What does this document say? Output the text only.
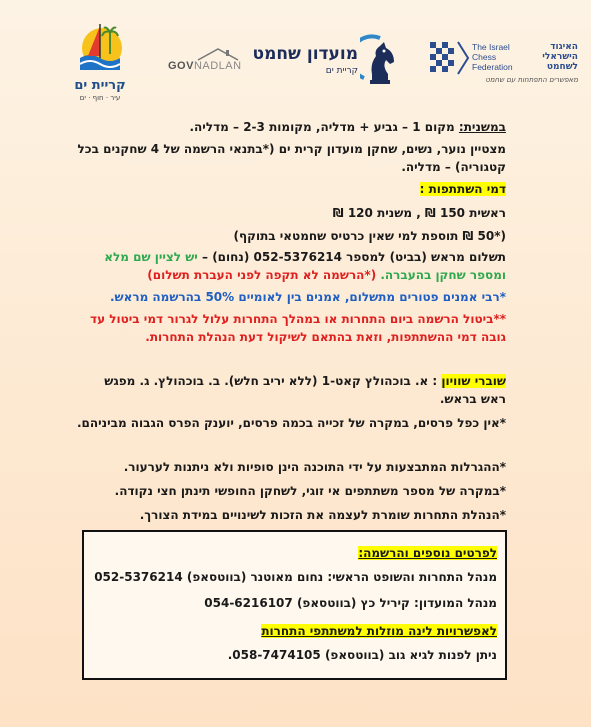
קריית ים
עיר · חוף · ים
GOVNADLAN
מועדון שחמט
קריית ים
The Israel
Chess
Federation
האיגוד
הישראלי
לשחמט
מאפשרים התפתחות עם שחמט

במשנית: מקום 1 – גביע + מדליה, מקומות 2-3 – מדליה.

מצטיין נוער, נשים, שחקן מועדון קרית ים (*בתנאי הרשמה של 4 שחקנים בכל קטגוריה) – מדליה.

דמי השתתפות :

ראשית 150 ₪ , משנית 120 ₪

(*50 ₪ תוספת למי שאין כרטיס שחמטאי בתוקף)

תשלום מראש (בביט) למספר 052-5376214 (נחום) – יש לציין שם מלא ומספר שחקן בהעברה. (*הרשמה לא תקפה לפני העברת תשלום)

*רבי אמנים פטורים מתשלום, אמנים בין לאומיים 50% בהרשמה מראש.

**ביטול הרשמה ביום התחרות או במהלך התחרות עלול לגרור דמי ביטול עד גובה דמי ההשתתפות, וזאת בהתאם לשיקול דעת הנהלת התחרות.

שוברי שוויון : א. בוכהולץ קאט-1 (ללא יריב חלש). ב. בוכהולץ. ג. מפגש ראש בראש.

*אין כפל פרסים, במקרה של זכייה בכמה פרסים, יוענק הפרס הגבוה מביניהם.

*ההגרלות המתבצעות על ידי התוכנה הינן סופיות ולא ניתנות לערעור.

*במקרה של מספר משתתפים אי זוגי, לשחקן החופשי תינתן חצי נקודה.

*הנהלת התחרות שומרת לעצמה את הזכות לשינויים במידת הצורך.

לפרטים נוספים והרשמה:

מנהל התחרות והשופט הראשי: נחום מאוטנר (בווטסאפ) 052-5376214

מנהל המועדון: קיריל כץ (בווטסאפ) 054-6216107

לאפשרויות לינה מוזלות למשתתפי התחרות

ניתן לפנות לגיא גוב (בווטסאפ) 058-7474105.
